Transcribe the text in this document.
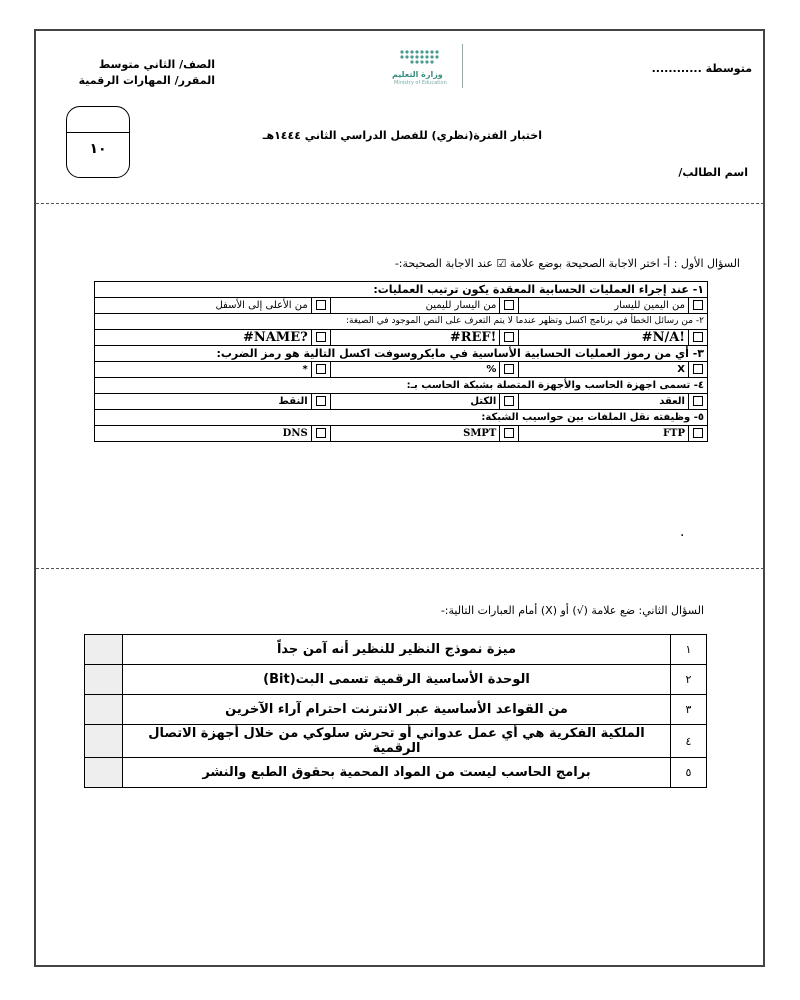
متوسطة ............
الصف/ الثاني متوسط
المقرر/ المهارات الرقمية	وزارة التعليم
Ministry of Education
١٠
اختبار الفترة(نظري) للفصل الدراسي الثاني ١٤٤٤هـ
اسم الطالب/
السؤال الأول : أ- اختر الاجابة الصحيحة بوضع علامة ☑ عند الاجابة الصحيحة:-
١- عند إجراء العمليات الحسابية المعقدة يكون ترتيب العمليات:					
	من اليمين لليسار		من اليسار لليمين		من الأعلى إلى الأسفل
٢- من رسائل الخطأ في برنامج اكسل وتظهر عندما لا يتم التعرف على النص الموجود في الصيغة:					
	#N/A!		#REF!		#NAME?
٣- أي من رموز العمليات الحسابية الأساسية في مايكروسوفت اكسل التالية هو رمز الضرب:					
	X		%		*
٤- تسمى اجهزة الحاسب والأجهزة المتصلة بشبكة الحاسب بـ:					
	العقد		الكتل		النقط
٥- وظيفته نقل الملفات بين حواسيب الشبكة:					
	FTP		SMPT		DNS
.
السؤال الثاني: ضع علامة (√) أو (X) أمام العبارات التالية:-
١	ميزة نموذج النظير للنظير أنه آمن جداً	
٢	الوحدة الأساسية الرقمية تسمى البت(Bit)	
٣	من القواعد الأساسية عبر الانترنت احترام آراء الآخرين	
٤	الملكية الفكرية هي أي عمل عدواني أو تحرش سلوكي من خلال أجهزة الاتصال الرقمية	
٥	برامج الحاسب ليست من المواد المحمية بحقوق الطبع والنشر	
